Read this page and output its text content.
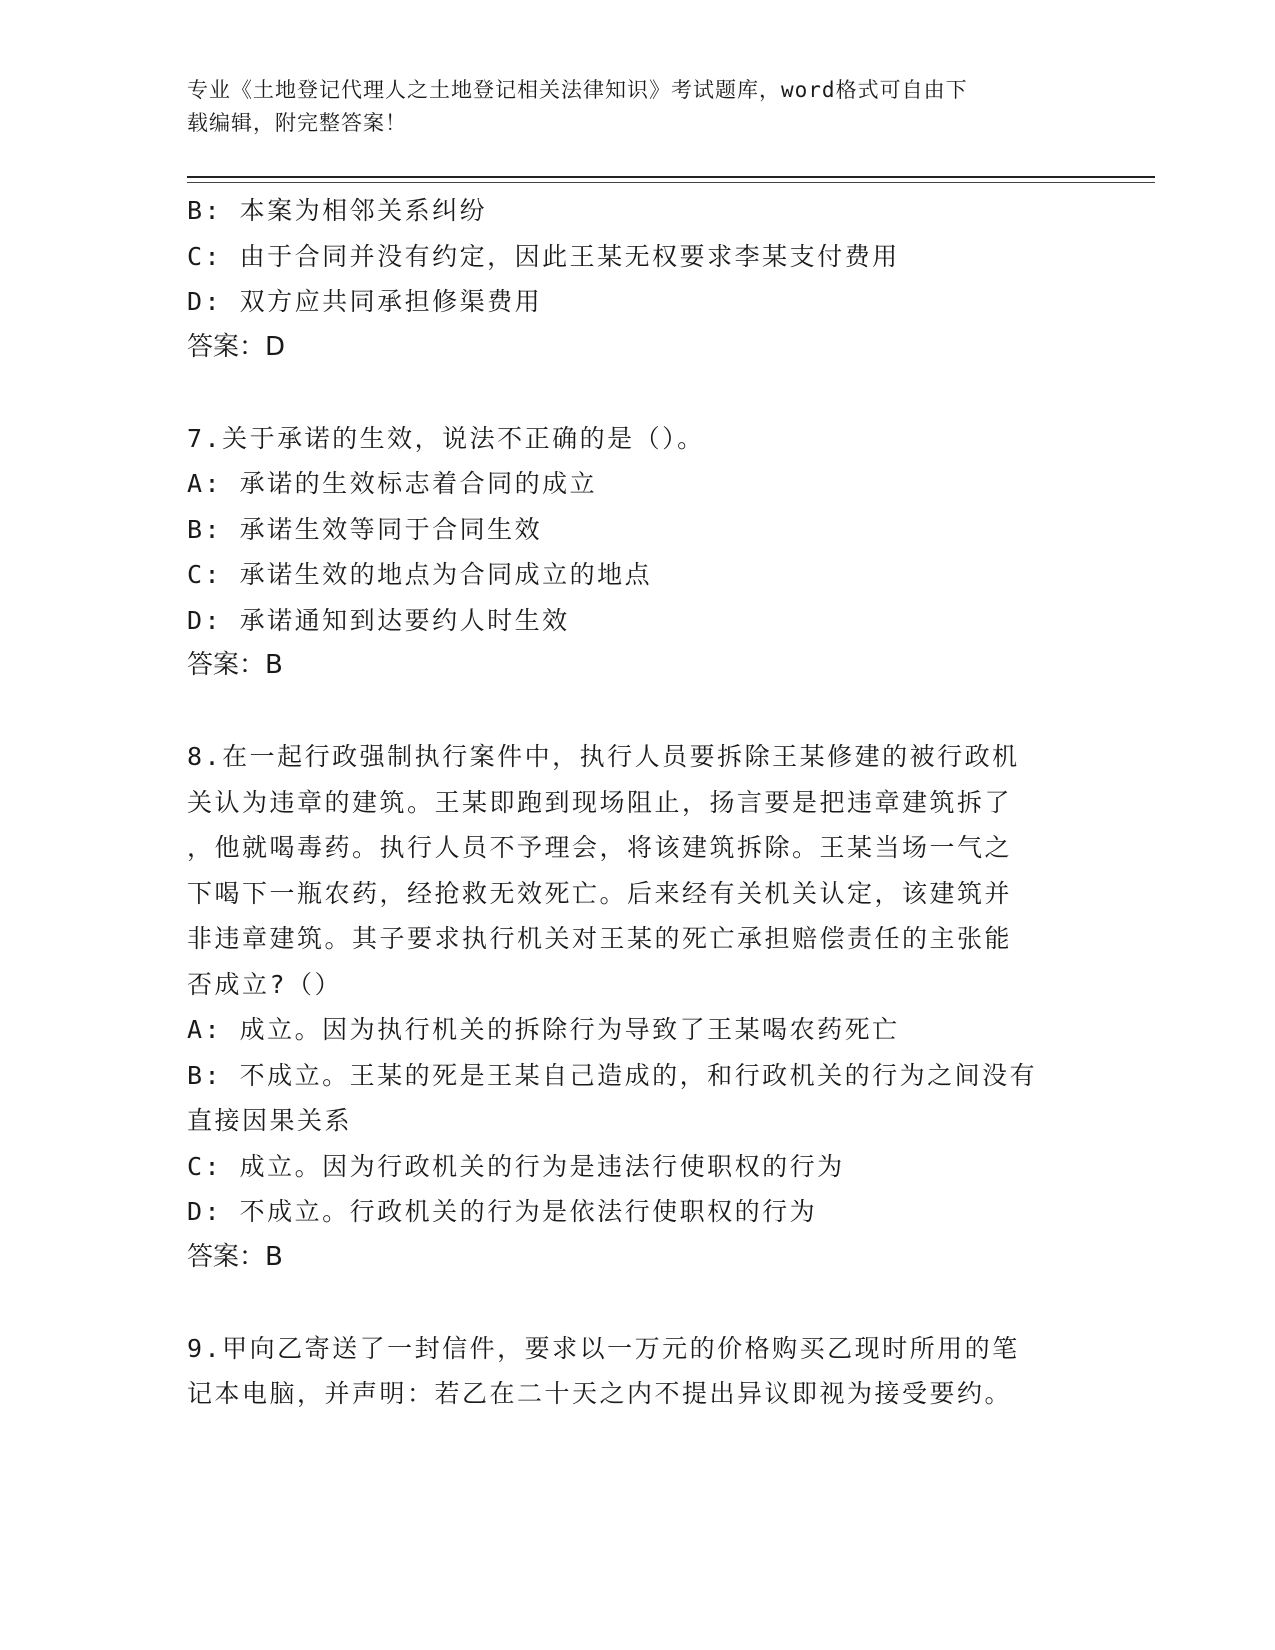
专业《土地登记代理人之土地登记相关法律知识》考试题库，word格式可自由下
载编辑，附完整答案！
B: 本案为相邻关系纠纷
C: 由于合同并没有约定，因此王某无权要求李某支付费用
D: 双方应共同承担修渠费用
答案：D
7.关于承诺的生效，说法不正确的是（）。
A: 承诺的生效标志着合同的成立
B: 承诺生效等同于合同生效
C: 承诺生效的地点为合同成立的地点
D: 承诺通知到达要约人时生效
答案：B
8.在一起行政强制执行案件中，执行人员要拆除王某修建的被行政机
关认为违章的建筑。王某即跑到现场阻止，扬言要是把违章建筑拆了
，他就喝毒药。执行人员不予理会，将该建筑拆除。王某当场一气之
下喝下一瓶农药，经抢救无效死亡。后来经有关机关认定，该建筑并
非违章建筑。其子要求执行机关对王某的死亡承担赔偿责任的主张能
否成立?（）
A: 成立。因为执行机关的拆除行为导致了王某喝农药死亡
B: 不成立。王某的死是王某自己造成的，和行政机关的行为之间没有
直接因果关系
C: 成立。因为行政机关的行为是违法行使职权的行为
D: 不成立。行政机关的行为是依法行使职权的行为
答案：B
9.甲向乙寄送了一封信件，要求以一万元的价格购买乙现时所用的笔
记本电脑，并声明：若乙在二十天之内不提出异议即视为接受要约。
